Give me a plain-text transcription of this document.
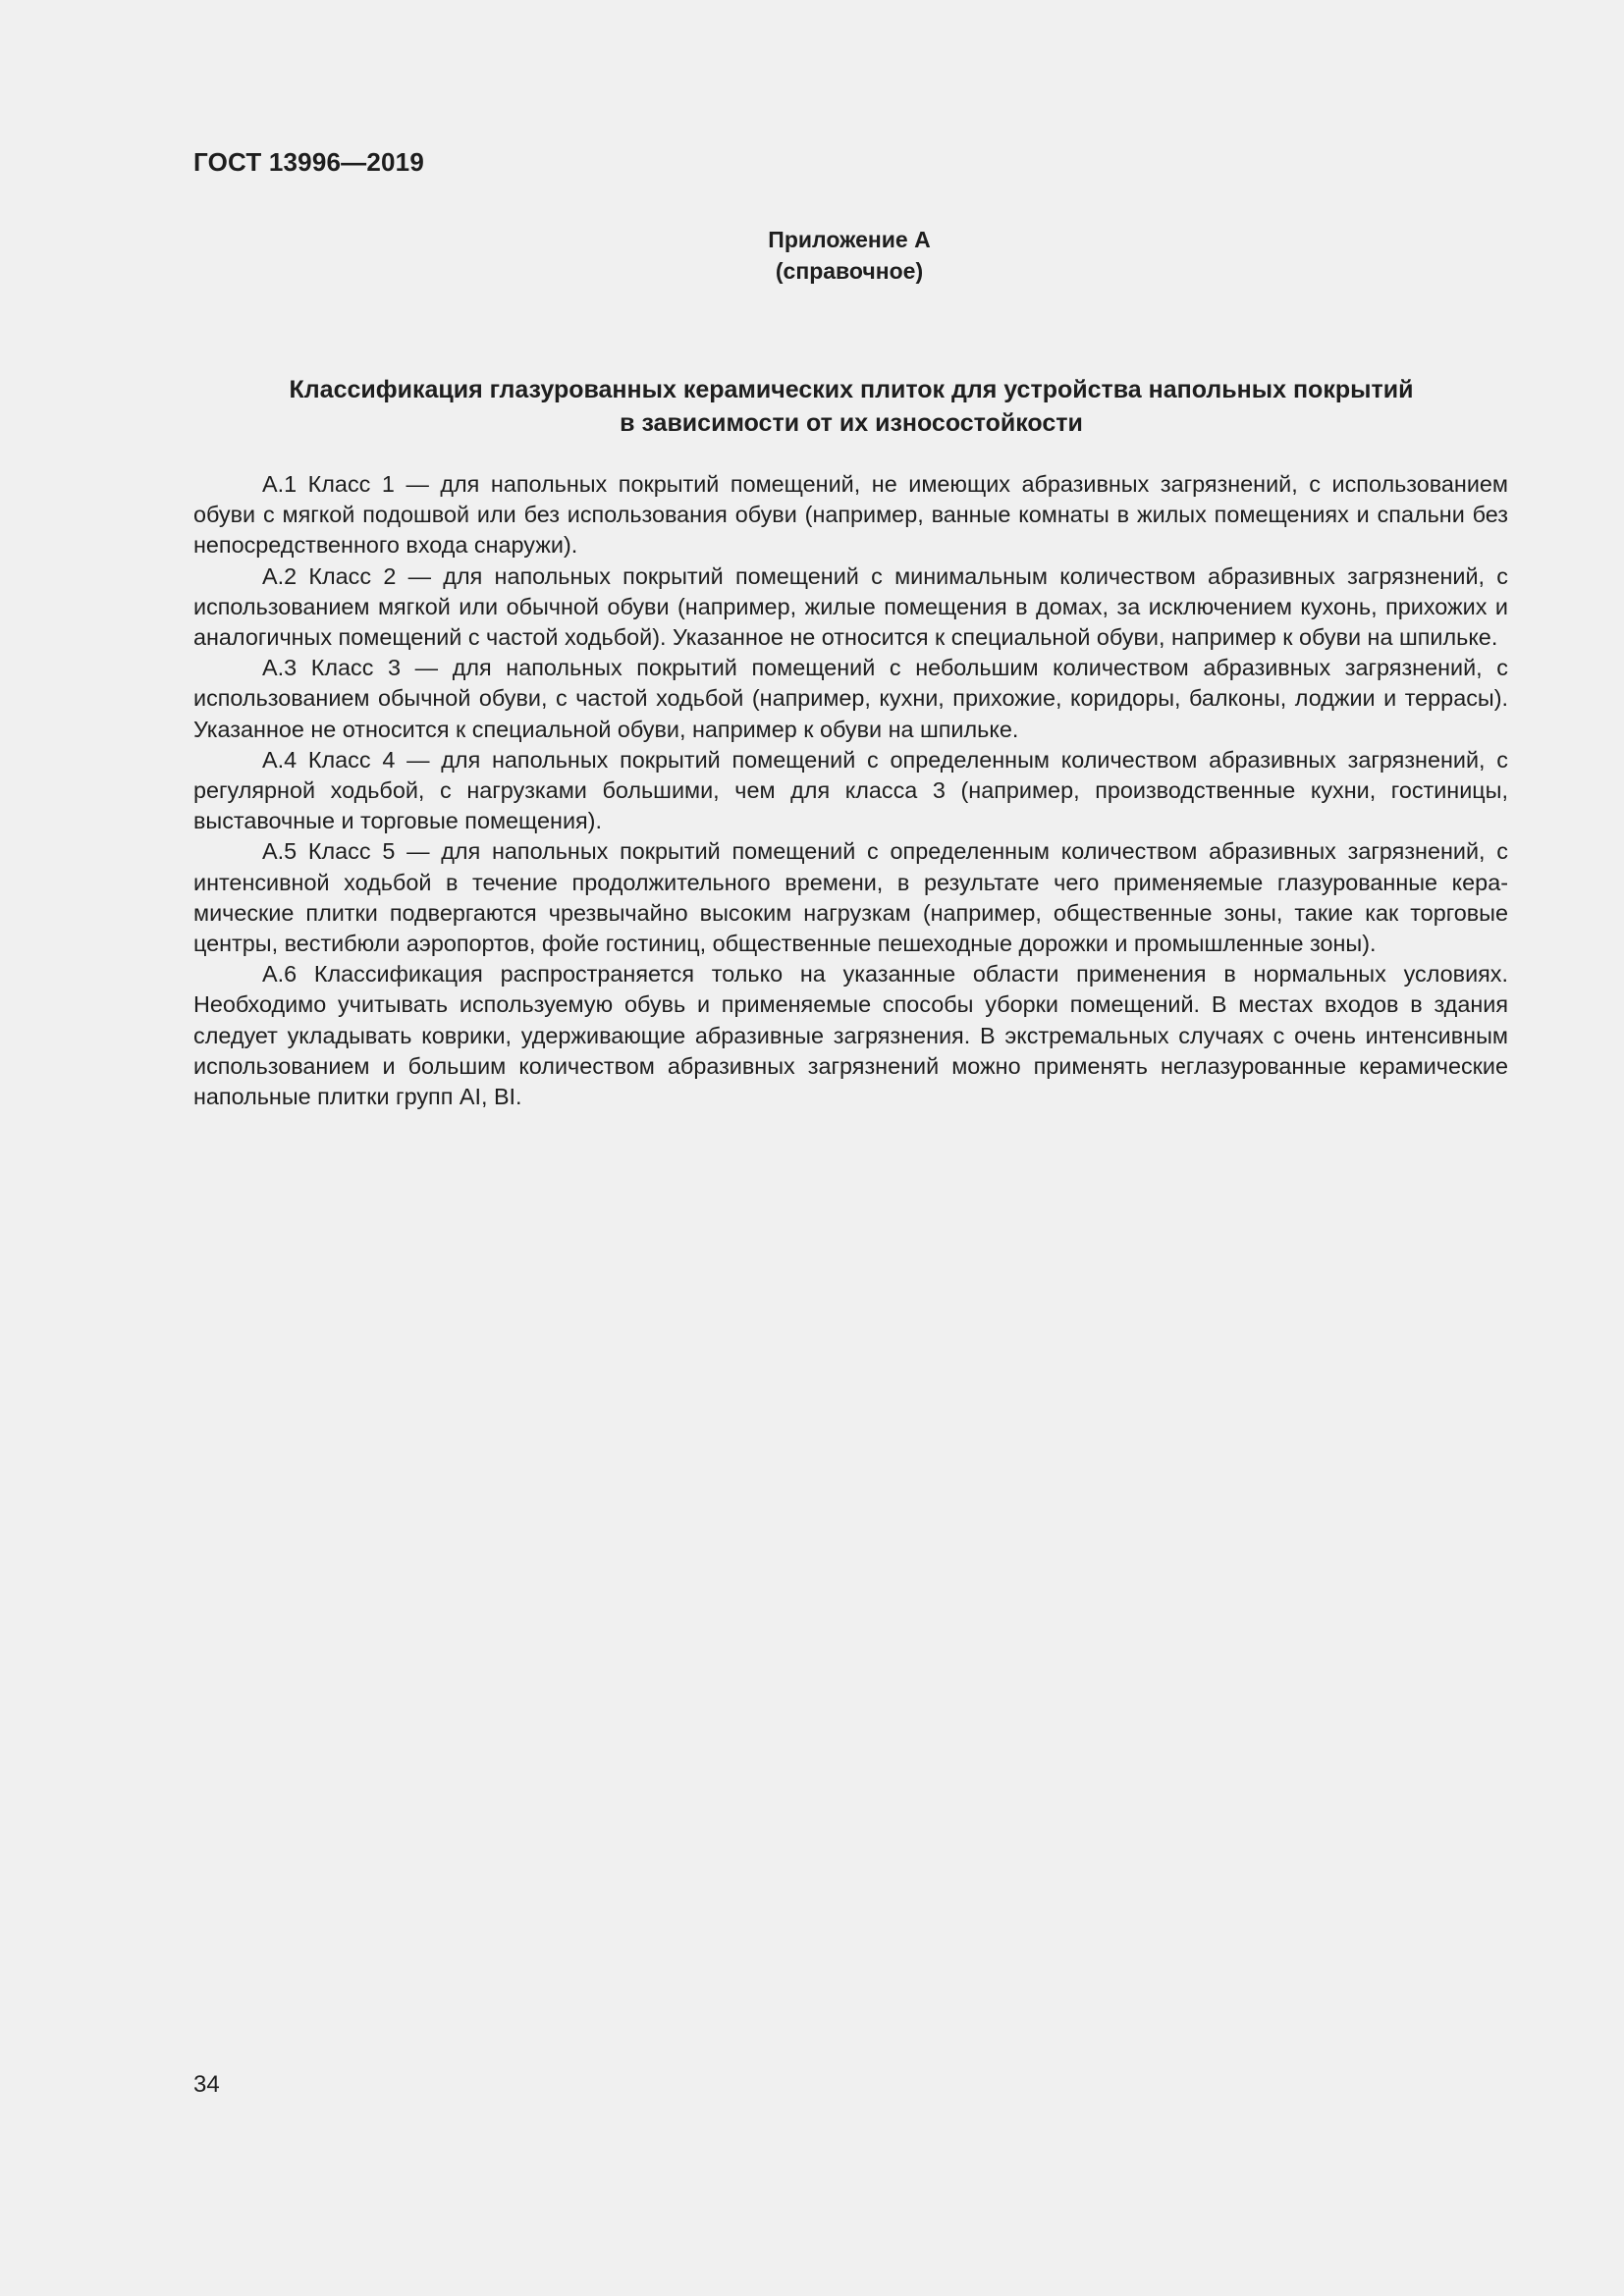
ГОСТ 13996—2019
Приложение А
(справочное)
Классификация глазурованных керамических плиток для устройства напольных покрытий
в зависимости от их износостойкости

А.1 Класс 1 — для напольных покрытий помещений, не имеющих абразивных загрязнений, с использованием обуви с мягкой подошвой или без использования обуви (например, ванные комнаты в жилых помещениях и спальни без непосредственного входа снаружи).

А.2 Класс 2 — для напольных покрытий помещений с минимальным количеством абразивных загрязнений, с использованием мягкой или обычной обуви (например, жилые помещения в домах, за исключением кухонь, прихожих и аналогичных помещений с частой ходьбой). Указанное не относится к специальной обуви, например к обуви на шпильке.

А.3 Класс 3 — для напольных покрытий помещений с небольшим количеством абразивных загрязнений, с использованием обычной обуви, с частой ходьбой (например, кухни, прихожие, коридоры, балконы, лоджии и террасы). Указанное не относится к специальной обуви, например к обуви на шпильке.

А.4 Класс 4 — для напольных покрытий помещений с определенным количеством абразивных загрязнений, с регулярной ходьбой, с нагрузками большими, чем для класса 3 (например, производственные кухни, гостиницы, выставочные и торговые помещения).

А.5 Класс 5 — для напольных покрытий помещений с определенным количеством абразивных загрязнений, с интенсивной ходьбой в течение продолжительного времени, в результате чего применяемые глазурованные керамические плитки подвергаются чрезвычайно высоким нагрузкам (например, общественные зоны, такие как торговые центры, вестибюли аэропортов, фойе гостиниц, общественные пешеходные дорожки и промышленные зоны).

А.6 Классификация распространяется только на указанные области применения в нормальных условиях. Необходимо учитывать используемую обувь и применяемые способы уборки помещений. В местах входов в здания следует укладывать коврики, удерживающие абразивные загрязнения. В экстремальных случаях с очень интенсивным использованием и большим количеством абразивных загрязнений можно применять неглазурованные керамические напольные плитки групп AI, BI.

34
